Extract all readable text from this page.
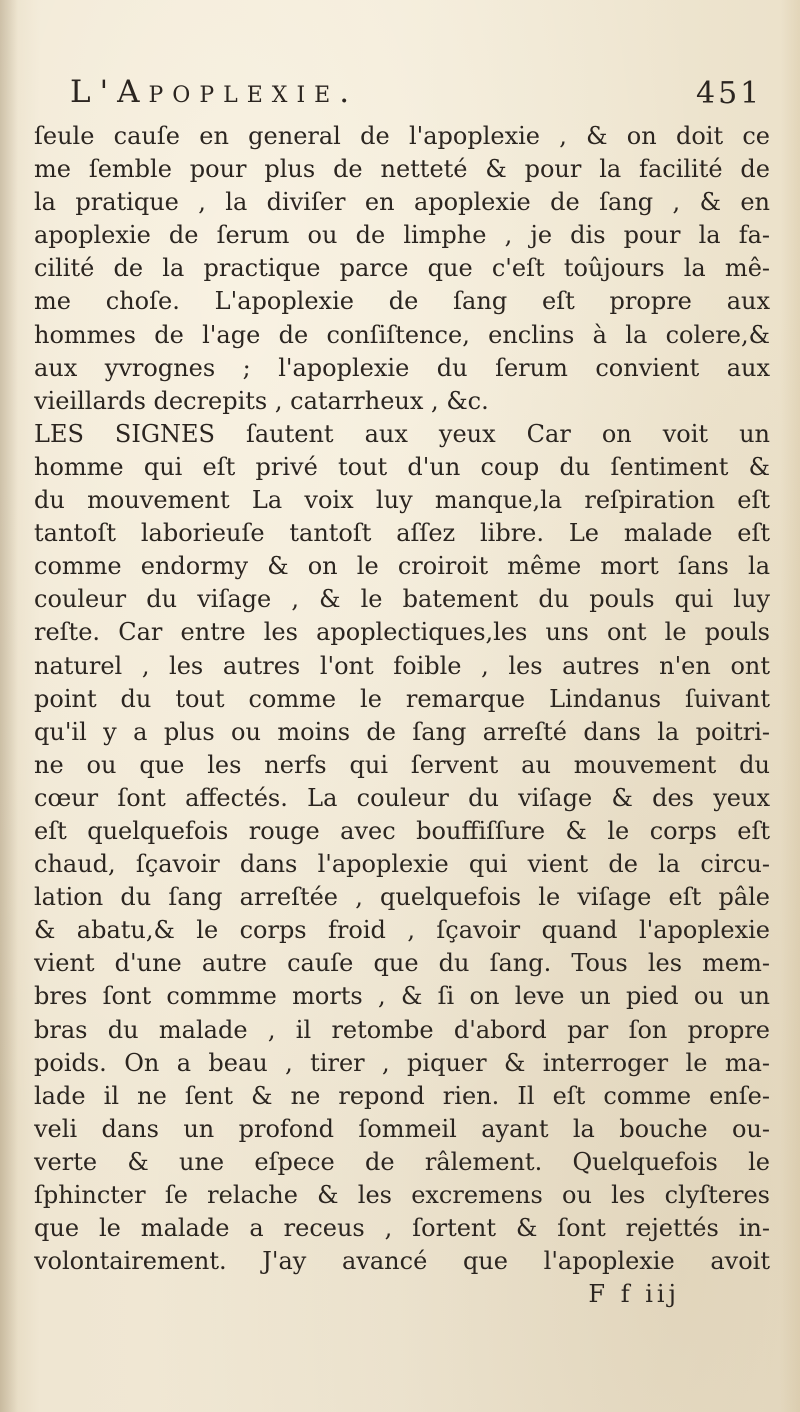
L'Apoplexie.	451
ſeule cauſe en general de l'apoplexie , & on doit ce
me ſemble pour plus de netteté & pour la facilité de
la pratique , la diviſer en apoplexie de ſang , & en
apoplexie de ſerum ou de limphe , je dis pour la fa-
cilité de la practique parce que c'eſt toûjours la mê-
me choſe. L'apoplexie de ſang eſt propre aux
hommes de l'age de conſiſtence, enclins à la colere,&
aux yvrognes ; l'apoplexie du ſerum convient aux
vieillards decrepits , catarrheux , &c.
LES SIGNES ſautent aux yeux Car on voit un
homme qui eſt privé tout d'un coup du ſentiment &
du mouvement La voix luy manque,la reſpiration eſt
tantoſt laborieuſe tantoſt aſſez libre. Le malade eſt
comme endormy & on le croiroit même mort ſans la
couleur du viſage , & le batement du pouls qui luy
reſte. Car entre les apoplectiques,les uns ont le pouls
naturel , les autres l'ont foible , les autres n'en ont
point du tout comme le remarque Lindanus ſuivant
qu'il y a plus ou moins de ſang arreſté dans la poitri-
ne ou que les nerfs qui ſervent au mouvement du
cœur ſont affectés. La couleur du viſage & des yeux
eſt quelquefois rouge avec bouffiſſure & le corps eſt
chaud, ſçavoir dans l'apoplexie qui vient de la circu-
lation du ſang arreſtée , quelquefois le viſage eſt pâle
& abatu,& le corps froid , ſçavoir quand l'apoplexie
vient d'une autre cauſe que du ſang. Tous les mem-
bres ſont commme morts , & ſi on leve un pied ou un
bras du malade , il retombe d'abord par ſon propre
poids. On a beau , tirer , piquer & interroger le ma-
lade il ne ſent & ne repond rien. Il eſt comme enſe-
veli dans un profond ſommeil ayant la bouche ou-
verte & une eſpece de râlement. Quelquefois le
ſphincter ſe relache & les excremens ou les clyſteres
que le malade a receus , ſortent & ſont rejettés in-
volontairement. J'ay avancé que l'apoplexie avoit
F f iij
